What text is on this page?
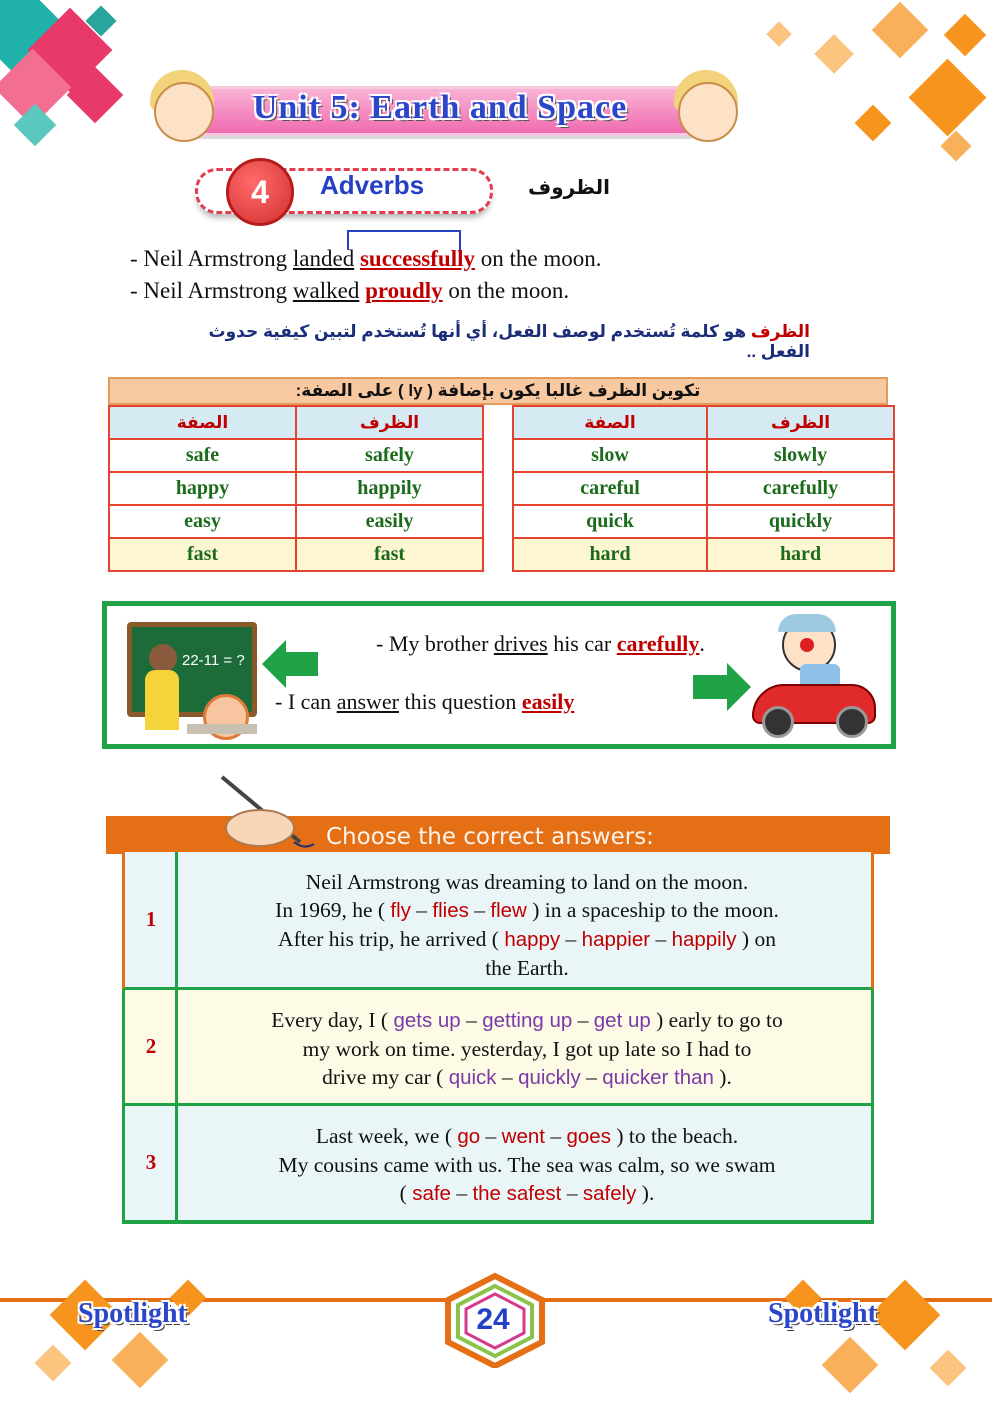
Unit 5: Earth and Space
4	Adverbs	الظروف
- Neil Armstrong landed successfully on the moon.
- Neil Armstrong walked proudly on the moon.
الظرف هو كلمة تُستخدم لوصف الفعل، أي أنها تُستخدم لتبين كيفية حدوث الفعل ..
تكوين الظرف غالبا يكون بإضافة ( ly ) على الصفة:
الصفة	الظرف
safe	safely
happy	happily
easy	easily
fast	fast
الصفة	الظرف
slow	slowly
careful	carefully
quick	quickly
hard	hard
22-11 = ?
- My brother drives his car carefully.
- I can answer this question easily
Choose the correct answers:
1
Neil Armstrong was dreaming to land on the moon.
In 1969, he ( fly – flies – flew ) in a spaceship to the moon.
After his trip, he arrived ( happy – happier – happily ) on
the Earth.
2
Every day, I ( gets up – getting up – get up ) early to go to
my work on time. yesterday, I got up late so I had to
drive my car ( quick – quickly – quicker than ).
3
Last week, we ( go – went – goes ) to the beach.
My cousins came with us. The sea was calm, so we swam
( safe – the safest – safely ).
Spotlight	Spotlight
24
